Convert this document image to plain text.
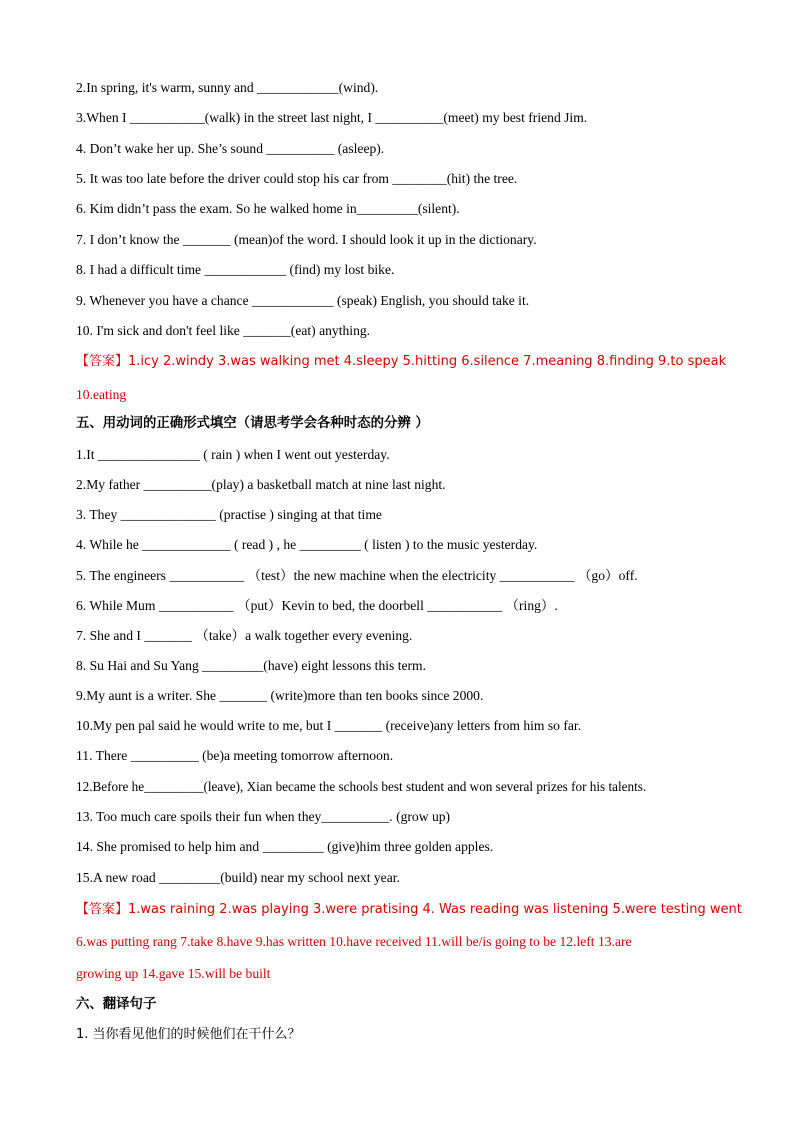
2.In spring, it's warm, sunny and ____________(wind).
3.When I ___________(walk) in the street last night, I __________(meet) my best friend Jim.
4. Don’t wake her up. She’s sound __________ (asleep).
5. It was too late before the driver could stop his car from ________(hit) the tree.
6. Kim didn’t pass the exam. So he walked home in_________(silent).
7. I don’t know the _______ (mean)of the word. I should look it up in the dictionary.
8. I had a difficult time ____________ (find) my lost bike.
9. Whenever you have a chance ____________ (speak) English, you should take it.
10. I'm sick and don't feel like _______(eat) anything.
【答案】1.icy 2.windy 3.was walking met 4.sleepy 5.hitting 6.silence 7.meaning 8.finding 9.to speak
10.eating
五、用动词的正确形式填空（请思考学会各种时态的分辨 ）
1.It _______________ ( rain ) when I went out yesterday.
2.My father __________(play) a basketball match at nine last night.
3. They ______________ (practise ) singing at that time
4. While he _____________ ( read ) , he _________ ( listen ) to the music yesterday.
5. The engineers ___________ （test）the new machine when the electricity ___________ （go）off.
6. While Mum ___________ （put）Kevin to bed, the doorbell ___________ （ring）.
7. She and I _______ （take）a walk together every evening.
8. Su Hai and Su Yang _________(have) eight lessons this term.
9.My aunt is a writer. She _______ (write)more than ten books since 2000.
10.My pen pal said he would write to me, but I _______ (receive)any letters from him so far.
11. There __________ (be)a meeting tomorrow afternoon.
12.Before he_________(leave), Xian became the schools best student and won several prizes for his talents.
13. Too much care spoils their fun when they__________. (grow up)
14. She promised to help him and _________ (give)him three golden apples.
15.A new road _________(build) near my school next year.
【答案】1.was raining 2.was playing 3.were pratising 4. Was reading was listening 5.were testing went
6.was putting rang 7.take 8.have 9.has written 10.have received 11.will be/is going to be 12.left 13.are
growing up 14.gave 15.will be built
六、翻译句子
1. 当你看见他们的时候他们在干什么？
